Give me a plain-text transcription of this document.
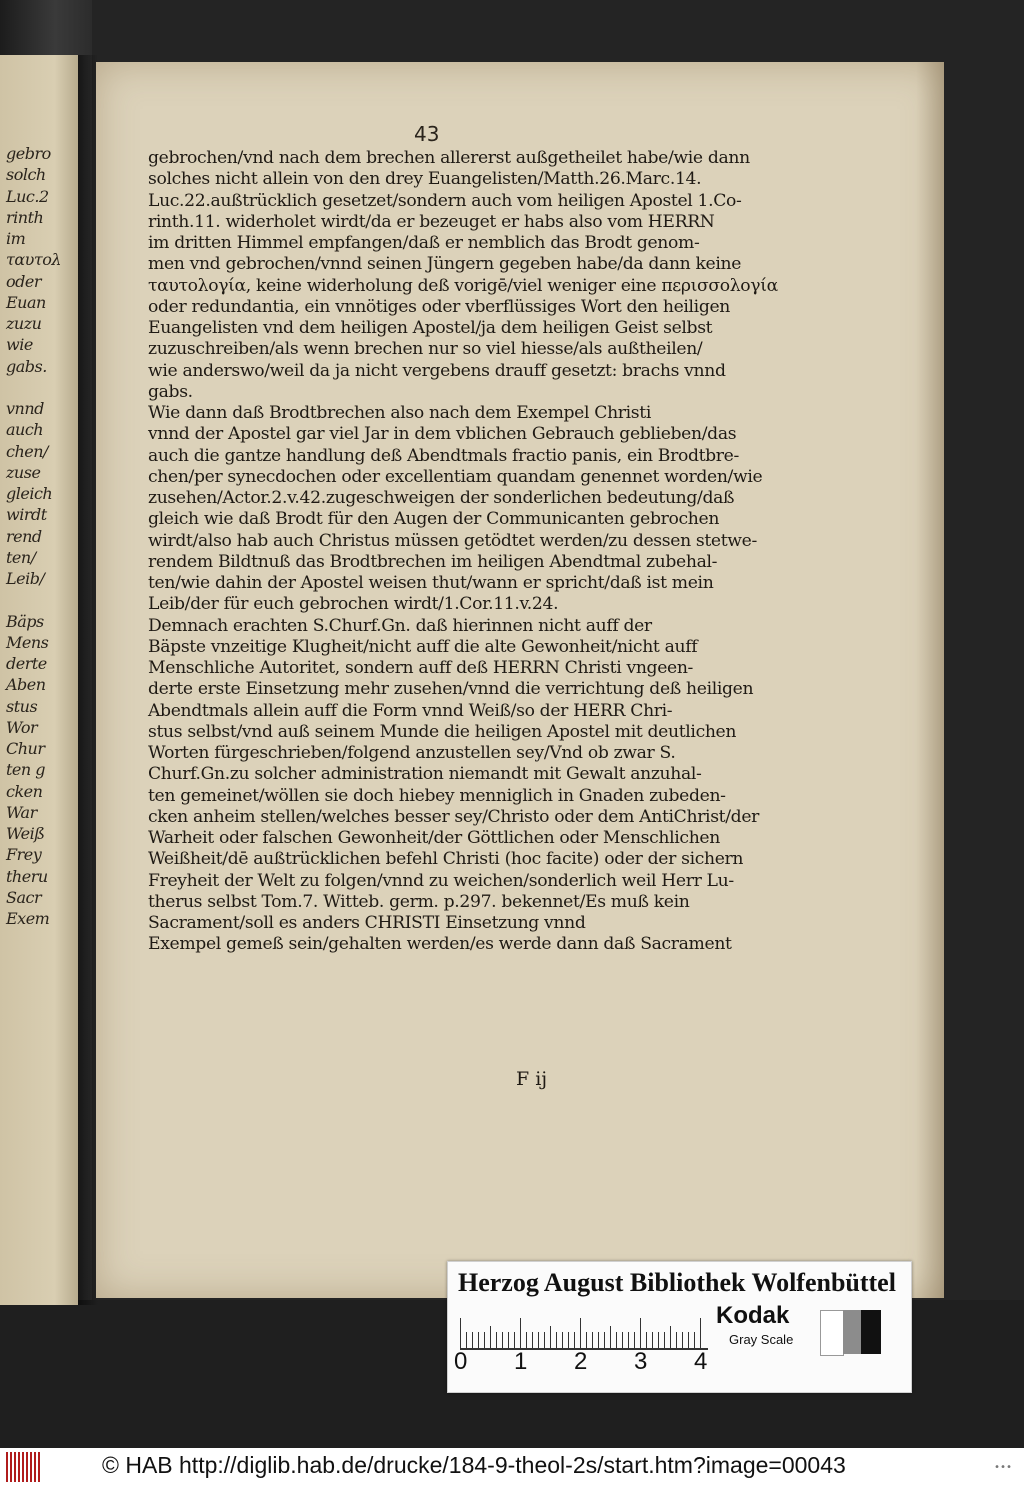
gebro
solch
Luc.2
rinth
im
ταυτολ
oder
Euan
zuzu
wie
gabs.
vnnd
auch
chen/
zuse
gleich
wirdt
rend
ten/
Leib/
Bäps
Mens
derte
Aben
stus
Wor
Chur
ten g
cken
War
Weiß
Frey
theru
Sacr
Exem
43
gebrochen/vnd nach dem brechen allererst außgetheilet habe/wie dann
solches nicht allein von den drey Euangelisten/Matth.26.Marc.14.
Luc.22.außtrücklich gesetzet/sondern auch vom heiligen Apostel 1.Co-
rinth.11. widerholet wirdt/da er bezeuget er habs also vom HERRN
im dritten Himmel empfangen/daß er nemblich das Brodt genom-
men vnd gebrochen/vnnd seinen Jüngern gegeben habe/da dann keine
ταυτολογία, keine widerholung deß vorigē/viel weniger eine περισσολογία
oder redundantia, ein vnnötiges oder vberflüssiges Wort den heiligen
Euangelisten vnd dem heiligen Apostel/ja dem heiligen Geist selbst
zuzuschreiben/als wenn brechen nur so viel hiesse/als außtheilen/
wie anderswo/weil da ja nicht vergebens drauff gesetzt: brachs vnnd
gabs.
Wie dann daß Brodtbrechen also nach dem Exempel Christi
vnnd der Apostel gar viel Jar in dem vblichen Gebrauch geblieben/das
auch die gantze handlung deß Abendtmals fractio panis, ein Brodtbre-
chen/per synecdochen oder excellentiam quandam genennet worden/wie
zusehen/Actor.2.v.42.zugeschweigen der sonderlichen bedeutung/daß
gleich wie daß Brodt für den Augen der Communicanten gebrochen
wirdt/also hab auch Christus müssen getödtet werden/zu dessen stetwe-
rendem Bildtnuß das Brodtbrechen im heiligen Abendtmal zubehal-
ten/wie dahin der Apostel weisen thut/wann er spricht/daß ist mein
Leib/der für euch gebrochen wirdt/1.Cor.11.v.24.
Demnach erachten S.Churf.Gn. daß hierinnen nicht auff der
Bäpste vnzeitige Klugheit/nicht auff die alte Gewonheit/nicht auff
Menschliche Autoritet, sondern auff deß HERRN Christi vngeen-
derte erste Einsetzung mehr zusehen/vnnd die verrichtung deß heiligen
Abendtmals allein auff die Form vnnd Weiß/so der HERR Chri-
stus selbst/vnd auß seinem Munde die heiligen Apostel mit deutlichen
Worten fürgeschrieben/folgend anzustellen sey/Vnd ob zwar S.
Churf.Gn.zu solcher administration niemandt mit Gewalt anzuhal-
ten gemeinet/wöllen sie doch hiebey menniglich in Gnaden zubeden-
cken anheim stellen/welches besser sey/Christo oder dem AntiChrist/der
Warheit oder falschen Gewonheit/der Göttlichen oder Menschlichen
Weißheit/dē außtrücklichen befehl Christi (hoc facite) oder der sichern
Freyheit der Welt zu folgen/vnnd zu weichen/sonderlich weil Herr Lu-
therus selbst Tom.7. Witteb. germ. p.297. bekennet/Es muß kein
Sacrament/soll es anders CHRISTI Einsetzung vnnd
Exempel gemeß sein/gehalten werden/es werde dann daß Sacrament
F ij
Herzog August Bibliothek Wolfenbüttel
0 1 2 3 4
Kodak
Gray Scale
© HAB http://diglib.hab.de/drucke/184-9-theol-2s/start.htm?image=00043	•••
